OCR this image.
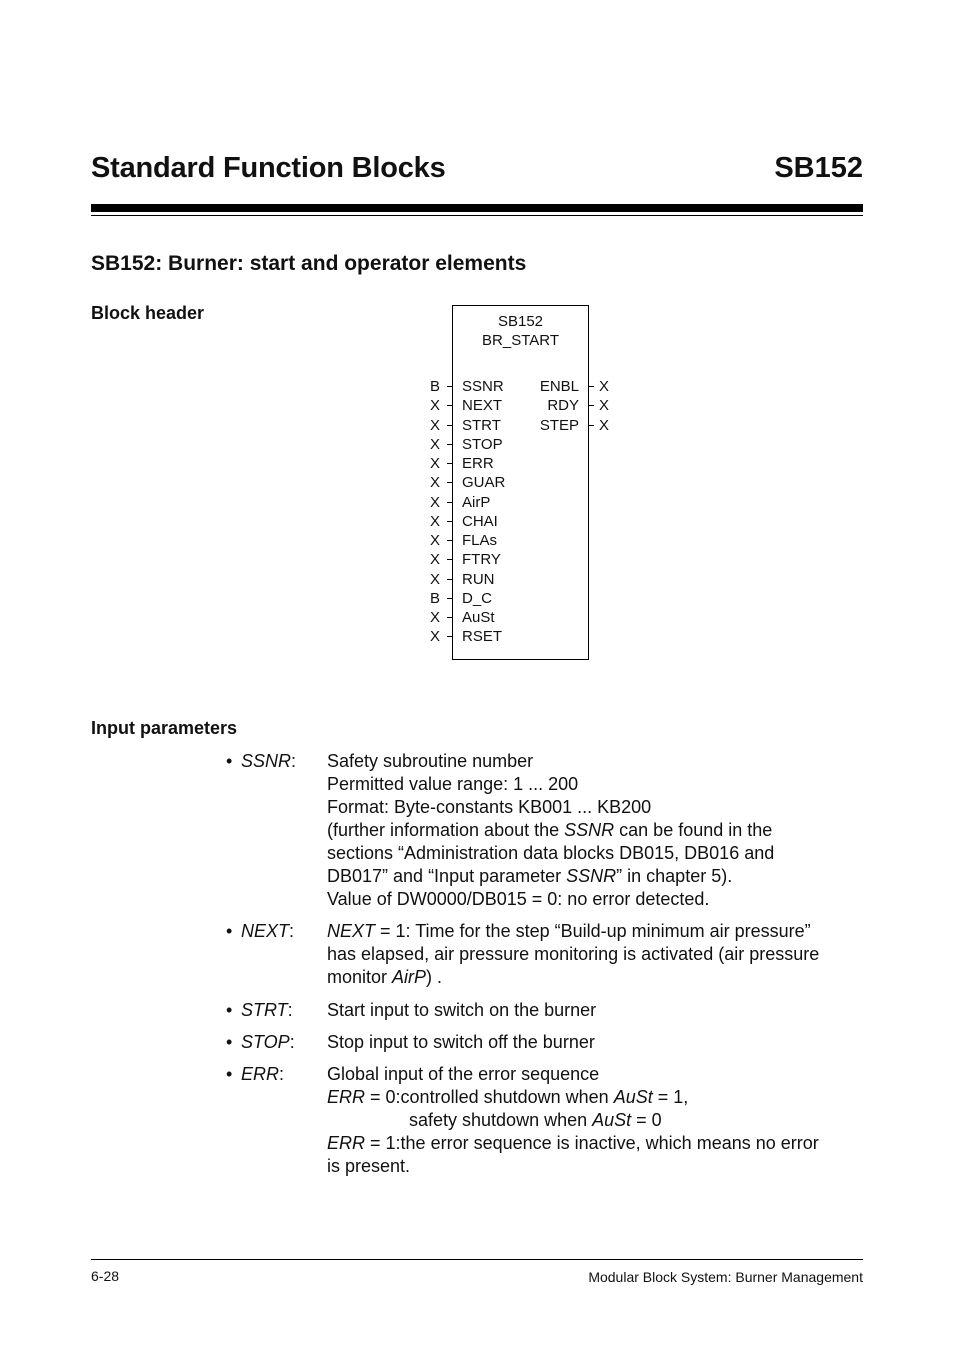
Standard Function Blocks	SB152
SB152: Burner: start and operator elements
Block header	SB152
BR_START
B SSNR
X NEXT
X STRT
X STOP
X ERR
X GUAR
X AirP
X CHAI
X FLAs
X FTRY
X RUN
B D_C
X AuSt
X RSET
ENBL X
RDY X
STEP X
Input parameters
• SSNR: Safety subroutine number
Permitted value range: 1 ... 200
Format: Byte-constants KB001 ... KB200
(further information about the SSNR can be found in the
sections “Administration data blocks DB015, DB016 and
DB017” and “Input parameter SSNR” in chapter 5).
Value of DW0000/DB015 = 0: no error detected.
• NEXT: NEXT = 1: Time for the step “Build-up minimum air pressure”
has elapsed, air pressure monitoring is activated (air pressure
monitor AirP) .
• STRT: Start input to switch on the burner
• STOP: Stop input to switch off the burner
• ERR: Global input of the error sequence
ERR = 0:controlled shutdown when AuSt = 1,
safety shutdown when AuSt = 0
ERR = 1:the error sequence is inactive, which means no error
is present.
6-28	Modular Block System: Burner Management
